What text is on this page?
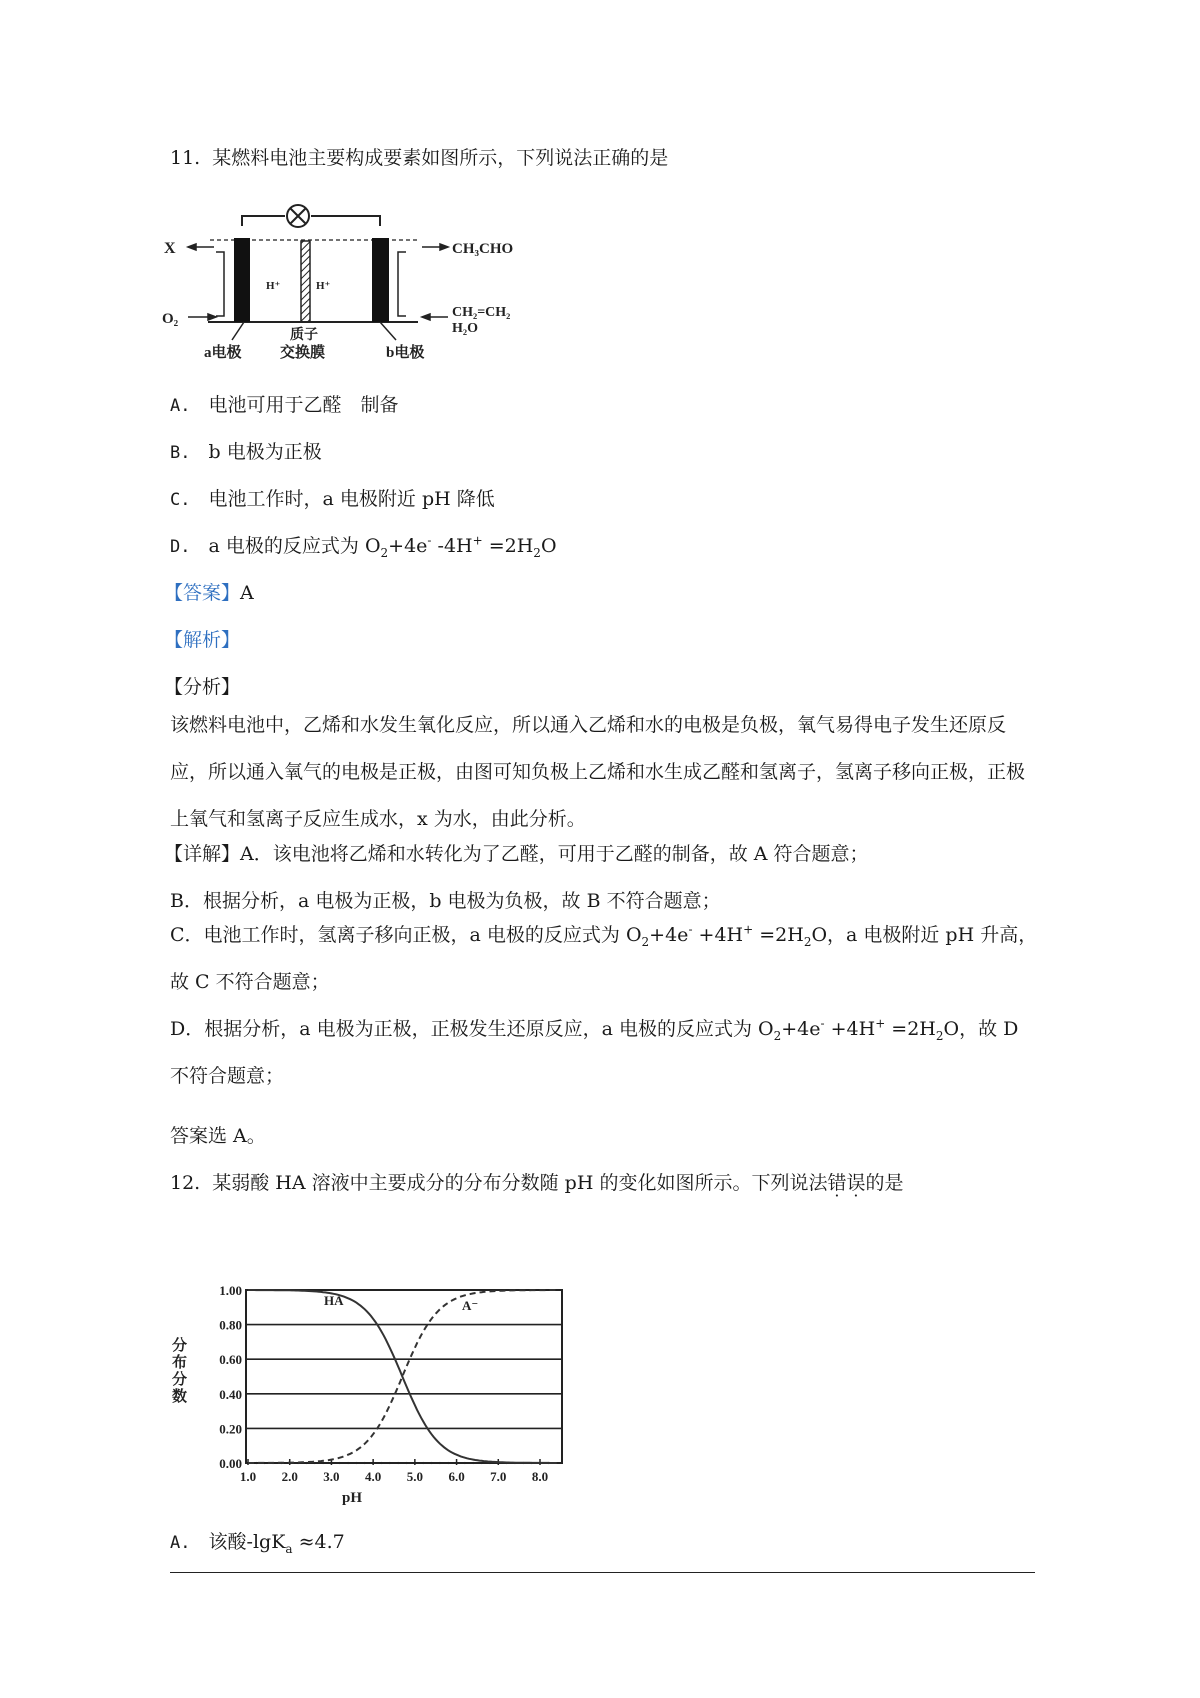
11. 某燃料电池主要构成要素如图所示，下列说法正确的是
X
O₂
CH₃CHO
CH₂=CH₂
H₂O
H⁺	H⁺
质子
a电极	交换膜	b电极
A. 电池可用于乙醛　制备
B. b 电极为正极
C. 电池工作时，a 电极附近 pH 降低
D. a 电极的反应式为 $O_2+4e^-$ $-4H^+ =2H_2O$
【答案】A
【解析】
【分析】
该燃料电池中，乙烯和水发生氧化反应，所以通入乙烯和水的电极是负极，氧气易得电子发生还原反应，所以通入氧气的电极是正极，由图可知负极上乙烯和水生成乙醛和氢离子，氢离子移向正极，正极上氧气和氢离子反应生成水，x 为水，由此分析。
【详解】A．该电池将乙烯和水转化为了乙醛，可用于乙醛的制备，故 A 符合题意；
B．根据分析，a 电极为正极，b 电极为负极，故 B 不符合题意；
C．电池工作时，氢离子移向正极，a 电极的反应式为 $O_2+4e^- +4H^+ =2H_2O$，a 电极附近 pH 升高，故 C 不符合题意；
D．根据分析，a 电极为正极，正极发生还原反应，a 电极的反应式为 $O_2+4e^- +4H^+ =2H_2O$，故 D 不符合题意；
答案选 A。
12. 某弱酸 HA 溶液中主要成分的分布分数随 pH 的变化如图所示。下列说法错误的是
0.00
0.20
0.40
0.60
0.80
1.00
1.0 2.0 3.0 4.0 5.0 6.0 7.0 8.0
分布分数
pH
HA	A⁻
A. 该酸-lgK$_a$ ≈4.7
